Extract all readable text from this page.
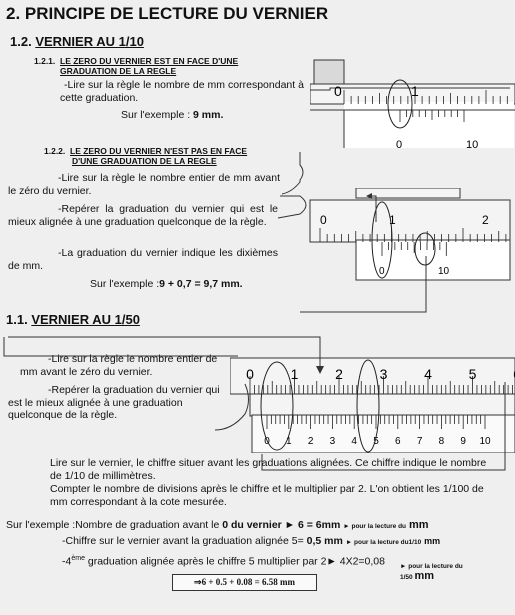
2. PRINCIPE DE LECTURE DU VERNIER
1.2. VERNIER AU 1/10
1.2.1. LE ZERO DU VERNIER EST EN FACE D'UNE
GRADUATION DE LA REGLE
-Lire sur la règle le nombre de mm correspondant à cette graduation.
Sur l'exemple : 9 mm.
1.2.2. LE ZERO DU VERNIER N'EST PAS EN FACE
D'UNE GRADUATION DE LA REGLE
-Lire sur la règle le nombre entier de mm avant le zéro du vernier.
-Repérer la graduation du vernier qui est le mieux alignée à une graduation quelconque de la règle.
-La graduation du vernier indique les dixièmes de mm.
Sur l'exemple :9 + 0,7 = 9,7 mm.
1.1. VERNIER AU 1/50
-Lire sur la règle le nombre entier de mm avant le zéro du vernier.
-Repérer la graduation du vernier qui est le mieux alignée à une graduation quelconque de la règle.
Lire sur le vernier, le chiffre situer avant les graduations alignées. Ce chiffre indique le nombre de 1/10 de millimètres.
Compter le nombre de divisions après le chiffre et le multiplier par 2. L'on obtient les 1/100 de mm correspondant à la cote mesurée.
Sur l'exemple :Nombre de graduation avant le 0 du vernier ► 6 = 6mm ► pour la lecture du mm
-Chiffre sur le vernier avant la graduation alignée 5= 0,5 mm ► pour la lecture du1/10 mm
-4ème graduation alignée après le chiffre 5 multiplier par 2► 4X2=0,08 ► pour la lecture du
1/50 mm
⇒6 + 0.5 + 0.08 = 6.58 mm
0	1
0	10
0	1	2
0	10
0	1	2	3	4	5
0 1 2 3 4 5 6 7 8 9 10
